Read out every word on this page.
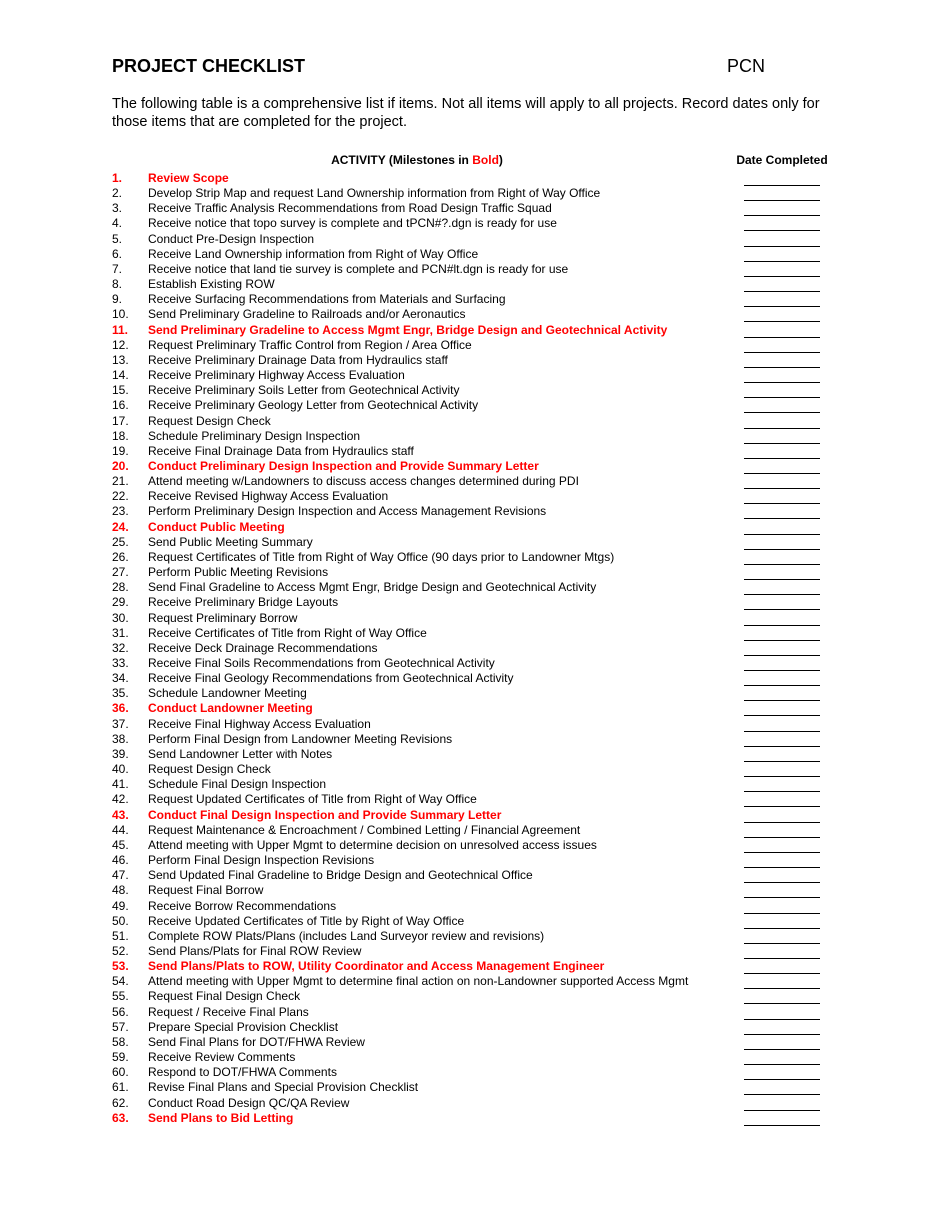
PROJECT CHECKLIST	PCN
The following table is a comprehensive list if items. Not all items will apply to all projects. Record dates only for those items that are completed for the project.
ACTIVITY (Milestones in Bold)	Date Completed
1.	Review Scope
2.	Develop Strip Map and request Land Ownership information from Right of Way Office
3.	Receive Traffic Analysis Recommendations from Road Design Traffic Squad
4.	Receive notice that topo survey is complete and tPCN#?.dgn is ready for use
5.	Conduct Pre-Design Inspection
6.	Receive Land Ownership information from Right of Way Office
7.	Receive notice that land tie survey is complete and PCN#lt.dgn is ready for use
8.	Establish Existing ROW
9.	Receive Surfacing Recommendations from Materials and Surfacing
10.	Send Preliminary Gradeline to Railroads and/or Aeronautics
11.	Send Preliminary Gradeline to Access Mgmt Engr, Bridge Design and Geotechnical Activity
12.	Request Preliminary Traffic Control from Region / Area Office
13.	Receive Preliminary Drainage Data from Hydraulics staff
14.	Receive Preliminary Highway Access Evaluation
15.	Receive Preliminary Soils Letter from Geotechnical Activity
16.	Receive Preliminary Geology Letter from Geotechnical Activity
17.	Request Design Check
18.	Schedule Preliminary Design Inspection
19.	Receive Final Drainage Data from Hydraulics staff
20.	Conduct Preliminary Design Inspection and Provide Summary Letter
21.	Attend meeting w/Landowners to discuss access changes determined during PDI
22.	Receive Revised Highway Access Evaluation
23.	Perform Preliminary Design Inspection and Access Management Revisions
24.	Conduct Public Meeting
25.	Send Public Meeting Summary
26.	Request Certificates of Title from Right of Way Office (90 days prior to Landowner Mtgs)
27.	Perform Public Meeting Revisions
28.	Send Final Gradeline to Access Mgmt Engr, Bridge Design and Geotechnical Activity
29.	Receive Preliminary Bridge Layouts
30.	Request Preliminary Borrow
31.	Receive Certificates of Title from Right of Way Office
32.	Receive Deck Drainage Recommendations
33.	Receive Final Soils Recommendations from Geotechnical Activity
34.	Receive Final Geology Recommendations from Geotechnical Activity
35.	Schedule Landowner Meeting
36.	Conduct Landowner Meeting
37.	Receive Final Highway Access Evaluation
38.	Perform Final Design from Landowner Meeting Revisions
39.	Send Landowner Letter with Notes
40.	Request Design Check
41.	Schedule Final Design Inspection
42.	Request Updated Certificates of Title from Right of Way Office
43.	Conduct Final Design Inspection and Provide Summary Letter
44.	Request Maintenance & Encroachment / Combined Letting / Financial Agreement
45.	Attend meeting with Upper Mgmt to determine decision on unresolved access issues
46.	Perform Final Design Inspection Revisions
47.	Send Updated Final Gradeline to Bridge Design and Geotechnical Office
48.	Request Final Borrow
49.	Receive Borrow Recommendations
50.	Receive Updated Certificates of Title by Right of Way Office
51.	Complete ROW Plats/Plans (includes Land Surveyor review and revisions)
52.	Send Plans/Plats for Final ROW Review
53.	Send Plans/Plats to ROW, Utility Coordinator and Access Management Engineer
54.	Attend meeting with Upper Mgmt to determine final action on non-Landowner supported Access Mgmt
55.	Request Final Design Check
56.	Request / Receive Final Plans
57.	Prepare Special Provision Checklist
58.	Send Final Plans for DOT/FHWA Review
59.	Receive Review Comments
60.	Respond to DOT/FHWA Comments
61.	Revise Final Plans and Special Provision Checklist
62.	Conduct Road Design QC/QA Review
63.	Send Plans to Bid Letting
